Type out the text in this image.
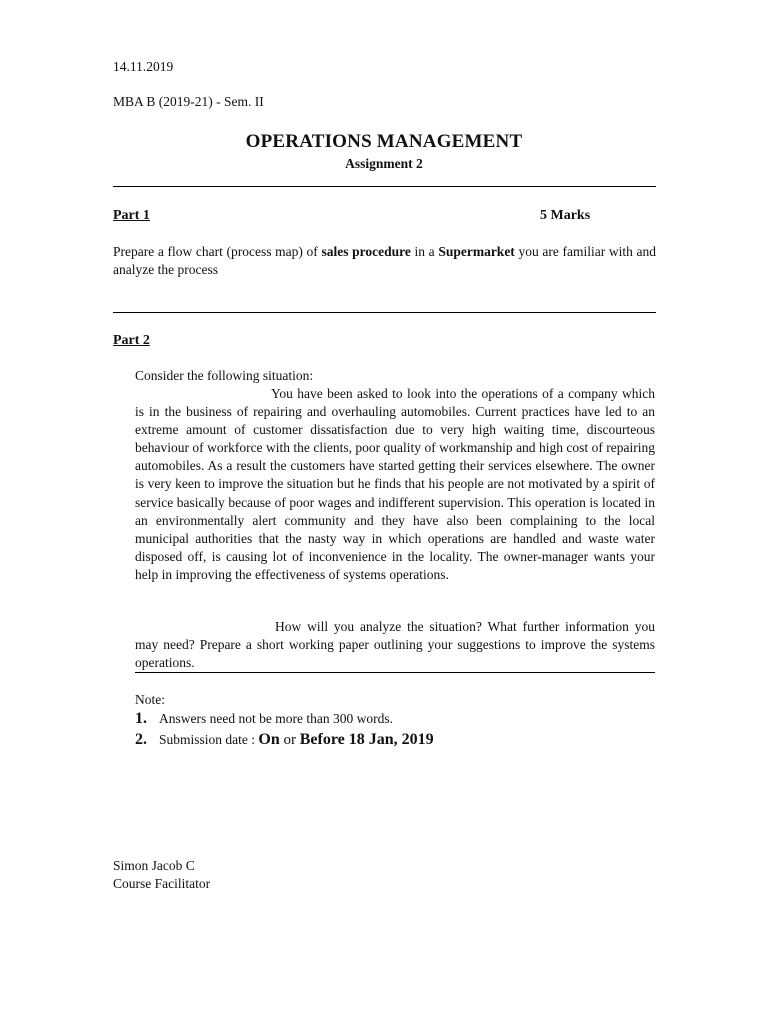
14.11.2019
MBA B (2019-21) - Sem. II
OPERATIONS MANAGEMENT
Assignment 2
Part 1	5 Marks
Prepare a flow chart (process map) of sales procedure in a Supermarket you are familiar with and analyze the process
Part 2
Consider the following situation:
You have been asked to look into the operations of a company which is in the business of repairing and overhauling automobiles. Current practices have led to an extreme amount of customer dissatisfaction due to very high waiting time, discourteous behaviour of workforce with the clients, poor quality of workmanship and high cost of repairing automobiles. As a result the customers have started getting their services elsewhere. The owner is very keen to improve the situation but he finds that his people are not motivated by a spirit of service basically because of poor wages and indifferent supervision. This operation is located in an environmentally alert community and they have also been complaining to the local municipal authorities that the nasty way in which operations are handled and waste water disposed off, is causing lot of inconvenience in the locality. The owner-manager wants your help in improving the effectiveness of systems operations.
How will you analyze the situation? What further information you may need? Prepare a short working paper outlining your suggestions to improve the systems operations.
Note:
1. Answers need not be more than 300 words.
2. Submission date : On or Before 18 Jan, 2019
Simon Jacob C
Course Facilitator
